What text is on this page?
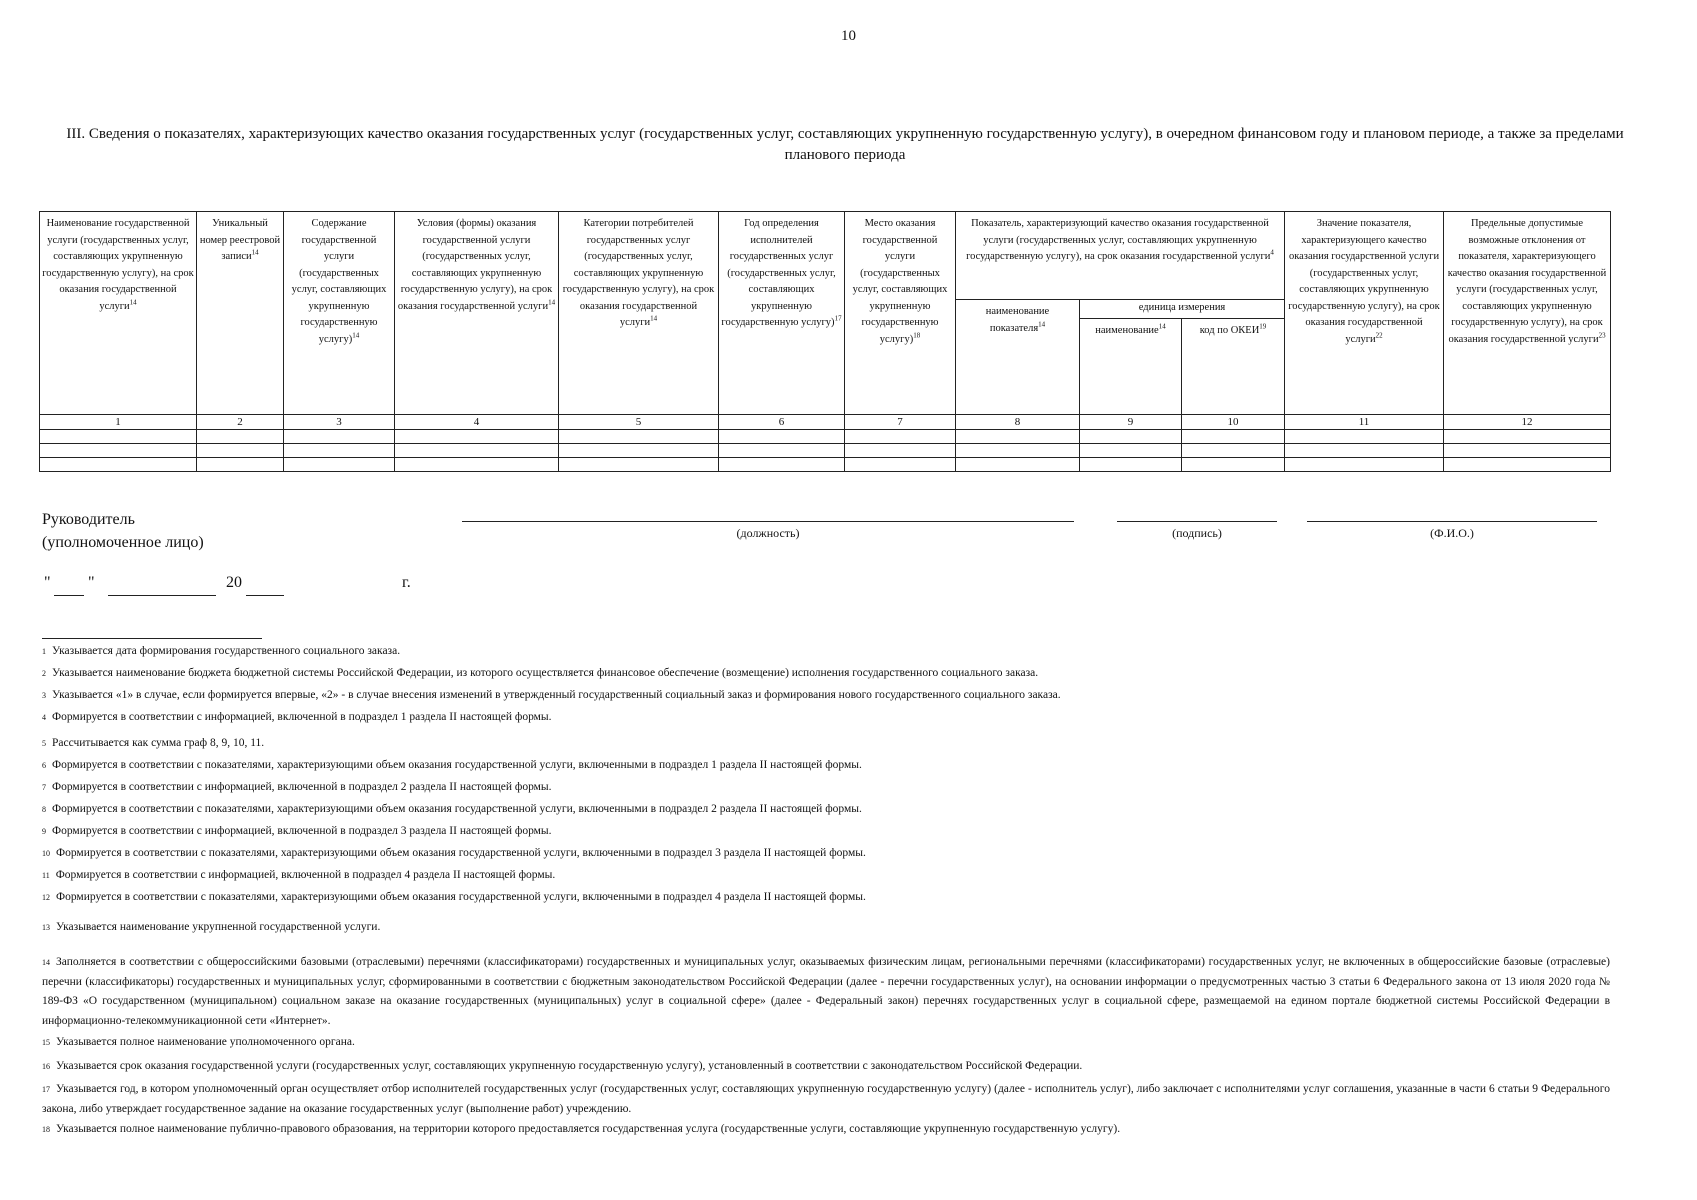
10
III. Сведения о показателях, характеризующих качество оказания государственных услуг (государственных услуг, составляющих укрупненную государственную услугу), в очередном финансовом году и плановом периоде, а также за пределами планового периода
Наименование государственной услуги (государственных услуг, составляющих укрупненную государственную услугу), на срок оказания государственной услуги$^{14}$	Уникальный номер реестровой записи$^{14}$	Содержание государственной услуги (государственных услуг, составляющих укрупненную государственную услугу)$^{14}$	Условия (формы) оказания государственной услуги (государственных услуг, составляющих укрупненную государственную услугу), на срок оказания государственной услуги$^{14}$	Категории потребителей государственных услуг (государственных услуг, составляющих укрупненную государственную услугу), на срок оказания государственной услуги$^{14}$	Год определения исполнителей государственных услуг (государственных услуг, составляющих укрупненную государственную услугу)$^{17}$	Место оказания государственной услуги (государственных услуг, составляющих укрупненную государственную услугу)$^{18}$	Показатель, характеризующий качество оказания государственной услуги (государственных услуг, составляющих укрупненную государственную услугу), на срок оказания государственной услуги$^4$			Значение показателя, характеризующего качество оказания государственной услуги (государственных услуг, составляющих укрупненную государственную услугу), на срок оказания государственной услуги$^{22}$	Предельные допустимые возможные отклонения от показателя, характеризующего качество оказания государственной услуги (государственных услуг, составляющих укрупненную государственную услугу), на срок оказания государственной услуги$^{23}$
							наименование показателя$^{14}$	единица измерения			
								наименование$^{14}$	код по ОКЕИ$^{19}$
1	2	3	4	5	6	7	8	9	10	11	12

Руководитель
(уполномоченное лицо)
(должность)	(подпись)	(Ф.И.О.)
" "	20	г.
$^1$ Указывается дата формирования государственного социального заказа.
$^2$ Указывается наименование бюджета бюджетной системы Российской Федерации, из которого осуществляется финансовое обеспечение (возмещение) исполнения государственного социального заказа.
$^3$ Указывается «1» в случае, если формируется впервые, «2» - в случае внесения изменений в утвержденный государственный социальный заказ и формирования нового государственного социального заказа.
$^4$ Формируется в соответствии с информацией, включенной в подраздел 1 раздела II настоящей формы.
$^5$ Рассчитывается как сумма граф 8, 9, 10, 11.
$^6$ Формируется в соответствии с показателями, характеризующими объем оказания государственной услуги, включенными в подраздел 1 раздела II настоящей формы.
$^7$ Формируется в соответствии с информацией, включенной в подраздел 2 раздела II настоящей формы.
$^8$ Формируется в соответствии с показателями, характеризующими объем оказания государственной услуги, включенными в подраздел 2 раздела II настоящей формы.
$^9$ Формируется в соответствии с информацией, включенной в подраздел 3 раздела II настоящей формы.
$^{10}$ Формируется в соответствии с показателями, характеризующими объем оказания государственной услуги, включенными в подраздел 3 раздела II настоящей формы.
$^{11}$ Формируется в соответствии с информацией, включенной в подраздел 4 раздела II настоящей формы.
$^{12}$ Формируется в соответствии с показателями, характеризующими объем оказания государственной услуги, включенными в подраздел 4 раздела II настоящей формы.
$^{13}$ Указывается наименование укрупненной государственной услуги.
$^{14}$ Заполняется в соответствии с общероссийскими базовыми (отраслевыми) перечнями (классификаторами) государственных и муниципальных услуг, оказываемых физическим лицам, региональными перечнями (классификаторами) государственных услуг, не включенных в общероссийские базовые (отраслевые) перечни (классификаторы) государственных и муниципальных услуг, сформированными в соответствии с бюджетным законодательством Российской Федерации (далее - перечни государственных услуг), на основании информации о предусмотренных частью 3 статьи 6 Федерального закона от 13 июля 2020 года № 189-ФЗ «О государственном (муниципальном) социальном заказе на оказание государственных (муниципальных) услуг в социальной сфере» (далее - Федеральный закон) перечнях государственных услуг в социальной сфере, размещаемой на едином портале бюджетной системы Российской Федерации в информационно-телекоммуникационной сети «Интернет».
$^{15}$ Указывается полное наименование уполномоченного органа.
$^{16}$ Указывается срок оказания государственной услуги (государственных услуг, составляющих укрупненную государственную услугу), установленный в соответствии с законодательством Российской Федерации.
$^{17}$ Указывается год, в котором уполномоченный орган осуществляет отбор исполнителей государственных услуг (государственных услуг, составляющих укрупненную государственную услугу) (далее - исполнитель услуг), либо заключает с исполнителями услуг соглашения, указанные в части 6 статьи 9 Федерального закона, либо утверждает государственное задание на оказание государственных услуг (выполнение работ) учреждению.
$^{18}$ Указывается полное наименование публично-правового образования, на территории которого предоставляется государственная услуга (государственные услуги, составляющие укрупненную государственную услугу).
